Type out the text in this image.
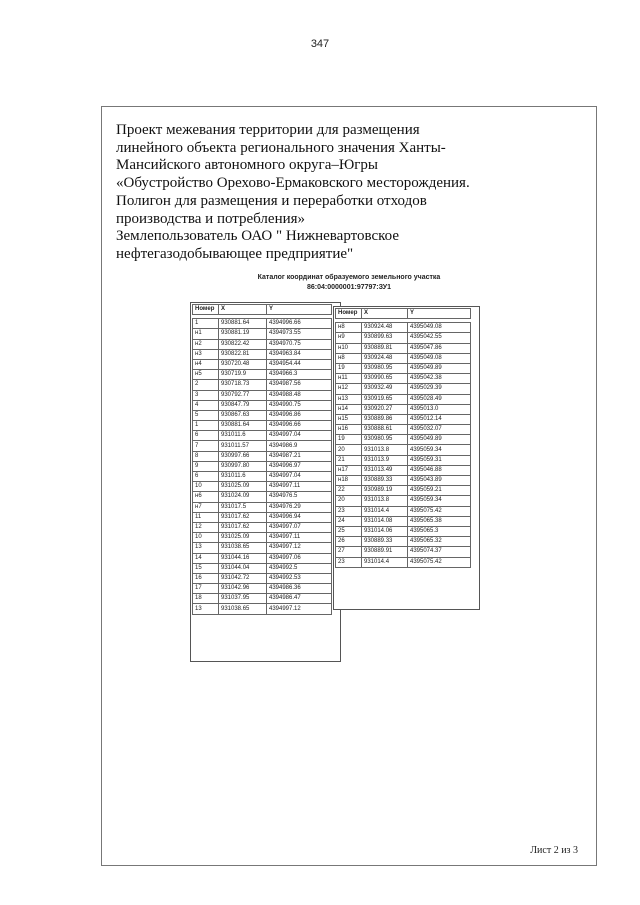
347
Проект межевания территории для размещения
линейного объекта регионального значения Ханты-
Мансийского автономного округа–Югры
«Обустройство Орехово-Ермаковского месторождения.
Полигон для размещения и переработки отходов
производства и потребления»
Землепользователь ОАО " Нижневартовское
нефтегазодобывающее предприятие"
Каталог координат образуемого земельного участка
86:04:0000001:97797:ЗУ1
Номер	X	Y

1	930881.64	4394996.66
н1	930881.19	4394973.55
н2	930822.42	4394970.75
н3	930822.81	4394963.84
н4	930720.48	4394954.44
н5	930719.9	4394966.3
2	930718.73	4394987.56
3	930792.77	4394988.48
4	930847.79	4394990.75
5	930867.63	4394996.86
1	930881.64	4394996.66
6	931011.6	4394997.04
7	931011.57	4394986.9
8	930997.66	4394987.21
9	930997.80	4394996.97
6	931011.6	4394997.04
10	931025.09	4394997.11
н6	931024.09	4394976.5
н7	931017.5	4394976.29
11	931017.62	4394996.94
12	931017.62	4394997.07
10	931025.09	4394997.11
13	931038.65	4394997.12
14	931044.16	4394997.06
15	931044.04	4394992.5
16	931042.72	4394992.53
17	931042.96	4394986.36
18	931037.95	4394986.47
13	931038.65	4394997.12
Номер	X	Y

н8	930924.48	4395049.08
н9	930899.63	4395042.55
н10	930889.81	4395047.86
н8	930924.48	4395049.08
19	930980.95	4395049.89
н11	930990.65	4395042.38
н12	930932.49	4395029.39
н13	930919.65	4395028.49
н14	930920.27	4395013.0
н15	930889.86	4395012.14
н16	930888.61	4395032.07
19	930980.95	4395049.89
20	931013.8	4395059.34
21	931013.9	4395059.31
н17	931013.49	4395046.88
н18	930889.33	4395043.89
22	930989.19	4395059.21
20	931013.8	4395059.34
23	931014.4	4395075.42
24	931014.08	4395065.38
25	931014.06	4395065.3
26	930889.33	4395065.32
27	930889.91	4395074.37
23	931014.4	4395075.42
Лист 2 из 3
